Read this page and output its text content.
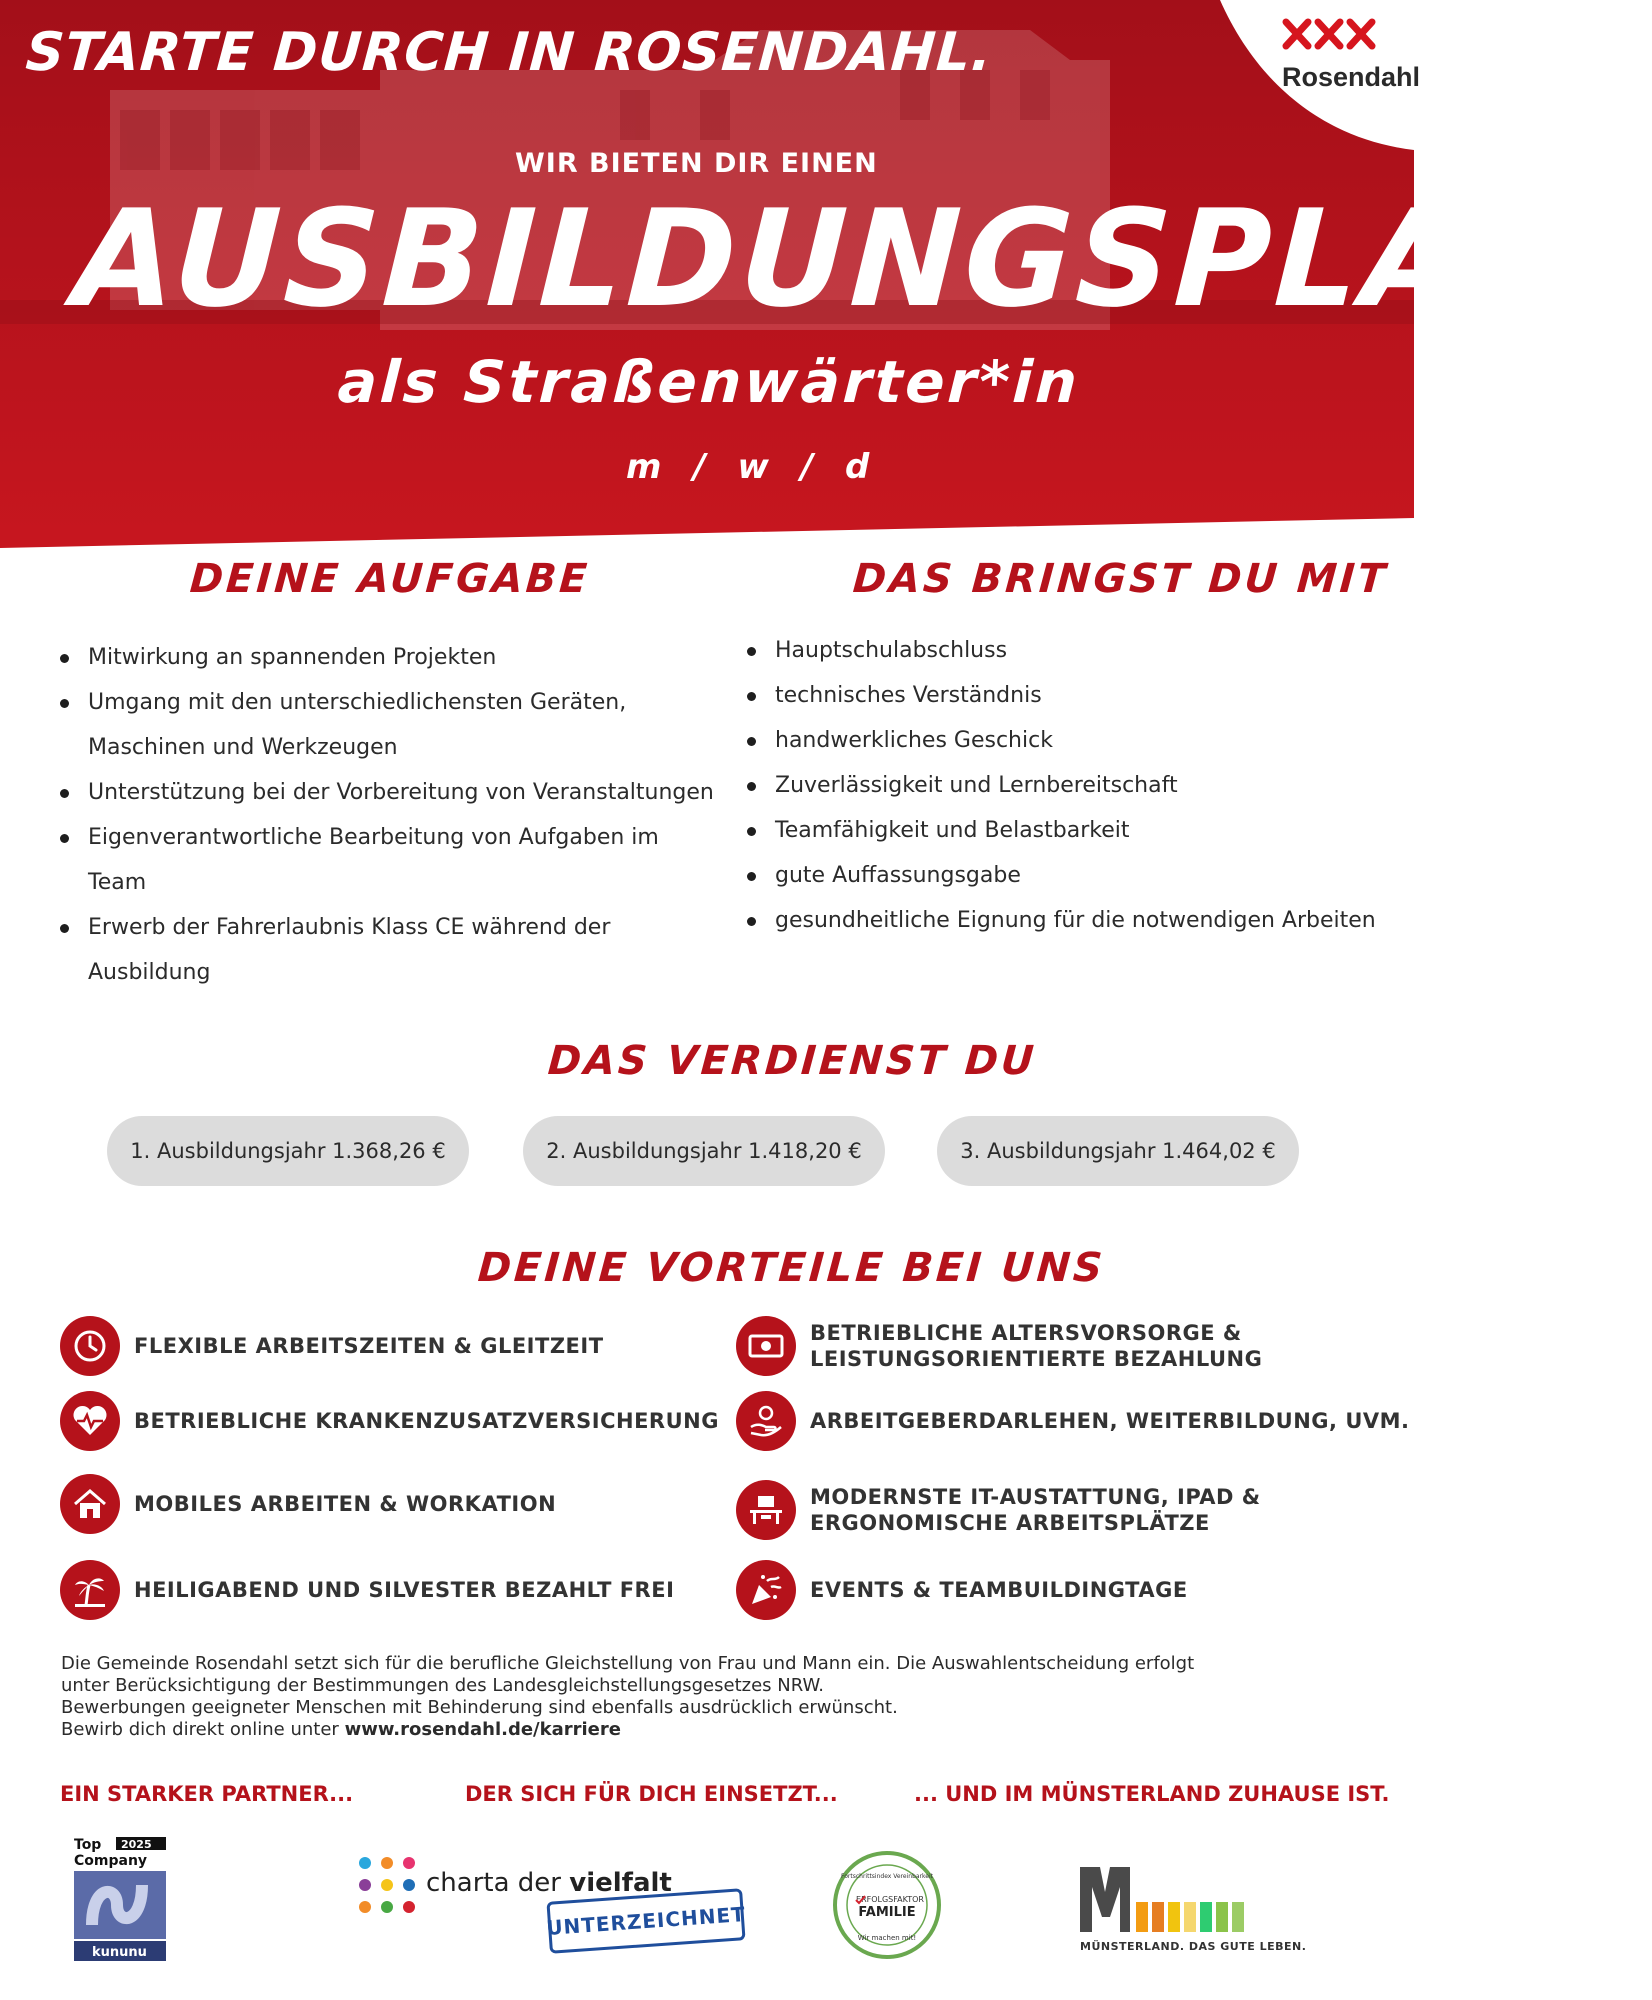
STARTE DURCH IN ROSENDAHL.	Rosendahl
WIR BIETEN DIR EINEN
AUSBILDUNGSPLATZ
als Straßenwärter*in
m / w / d
DEINE AUFGABE
Mitwirkung an spannenden Projekten
Umgang mit den unterschiedlichensten Geräten, Maschinen und Werkzeugen
Unterstützung bei der Vorbereitung von Veranstaltungen
Eigenverantwortliche Bearbeitung von Aufgaben im Team
Erwerb der Fahrerlaubnis Klass CE während der Ausbildung
DAS BRINGST DU MIT
Hauptschulabschluss
technisches Verständnis
handwerkliches Geschick
Zuverlässigkeit und Lernbereitschaft
Teamfähigkeit und Belastbarkeit
gute Auffassungsgabe
gesundheitliche Eignung für die notwendigen Arbeiten
DAS VERDIENST DU
1. Ausbildungsjahr 1.368,26 €	2. Ausbildungsjahr 1.418,20 €	3. Ausbildungsjahr 1.464,02 €
DEINE VORTEILE BEI UNS
FLEXIBLE ARBEITSZEITEN & GLEITZEIT
BETRIEBLICHE KRANKENZUSATZVERSICHERUNG
MOBILES ARBEITEN & WORKATION
HEILIGABEND UND SILVESTER BEZAHLT FREI
BETRIEBLICHE ALTERSVORSORGE &
LEISTUNGSORIENTIERTE BEZAHLUNG
ARBEITGEBERDARLEHEN, WEITERBILDUNG, UVM.
MODERNSTE IT-AUSTATTUNG, IPAD &
ERGONOMISCHE ARBEITSPLÄTZE
EVENTS & TEAMBUILDINGTAGE

Die Gemeinde Rosendahl setzt sich für die berufliche Gleichstellung von Frau und Mann ein. Die Auswahlentscheidung erfolgt

unter Berücksichtigung der Bestimmungen des Landesgleichstellungsgesetzes NRW.

Bewerbungen geeigneter Menschen mit Behinderung sind ebenfalls ausdrücklich erwünscht.

Bewirb dich direkt online unter www.rosendahl.de/karriere

EIN STARKER PARTNER...	DER SICH FÜR DICH EINSETZT...	... UND IM MÜNSTERLAND ZUHAUSE IST.
Top 2025
Company
kununu
charta der vielfalt
UNTERZEICHNET
Fortschrittsindex Vereinbarkeit
ERFOLGSFAKTOR
FAMILIE
Wir machen mit!
MÜNSTERLAND. DAS GUTE LEBEN.
